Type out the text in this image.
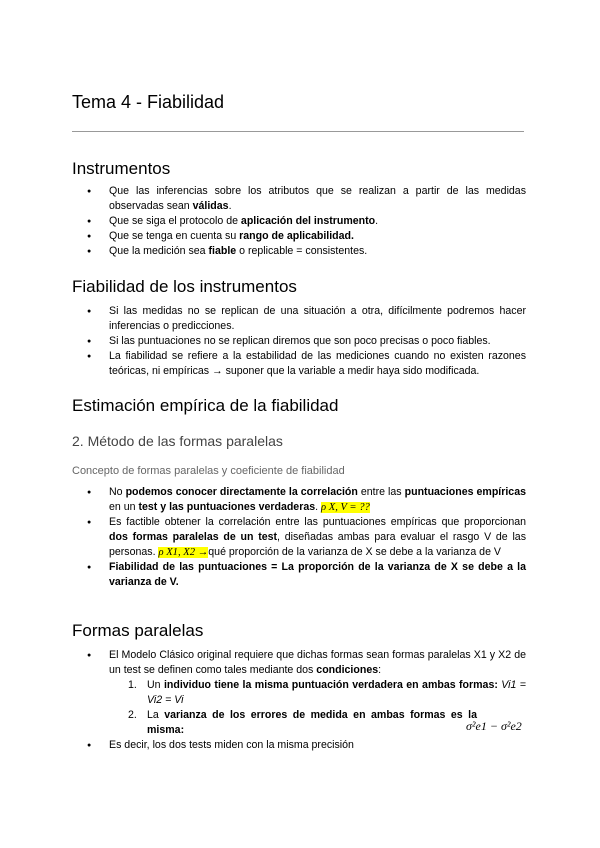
Tema 4 - Fiabilidad
Instrumentos
● Que las inferencias sobre los atributos que se realizan a partir de las medidas observadas sean válidas.
● Que se siga el protocolo de aplicación del instrumento.
● Que se tenga en cuenta su rango de aplicabilidad.
● Que la medición sea fiable o replicable = consistentes.
Fiabilidad de los instrumentos
● Si las medidas no se replican de una situación a otra, difícilmente podremos hacer inferencias o predicciones.
● Si las puntuaciones no se replican diremos que son poco precisas o poco fiables.
● La fiabilidad se refiere a la estabilidad de las mediciones cuando no existen razones teóricas, ni empíricas → suponer que la variable a medir haya sido modificada.
Estimación empírica de la fiabilidad
2. Método de las formas paralelas
Concepto de formas paralelas y coeficiente de fiabilidad
● No podemos conocer directamente la correlación entre las puntuaciones empíricas en un test y las puntuaciones verdaderas. ρ X, V = ??
● Es factible obtener la correlación entre las puntuaciones empíricas que proporcionan dos formas paralelas de un test, diseñadas ambas para evaluar el rasgo V de las personas. ρ X1, X2 →qué proporción de la varianza de X se debe a la varianza de V
● Fiabilidad de las puntuaciones = La proporción de la varianza de X se debe a la varianza de V.
Formas paralelas
● El Modelo Clásico original requiere que dichas formas sean formas paralelas X1 y X2 de un test se definen como tales mediante dos condiciones:
1. Un individuo tiene la misma puntuación verdadera en ambas formas: Vi1 = Vi2 = Vi
2. La varianza de los errores de medida en ambas formas es la misma:
● Es decir, los dos tests miden con la misma precisión
σ²e1 − σ²e2
